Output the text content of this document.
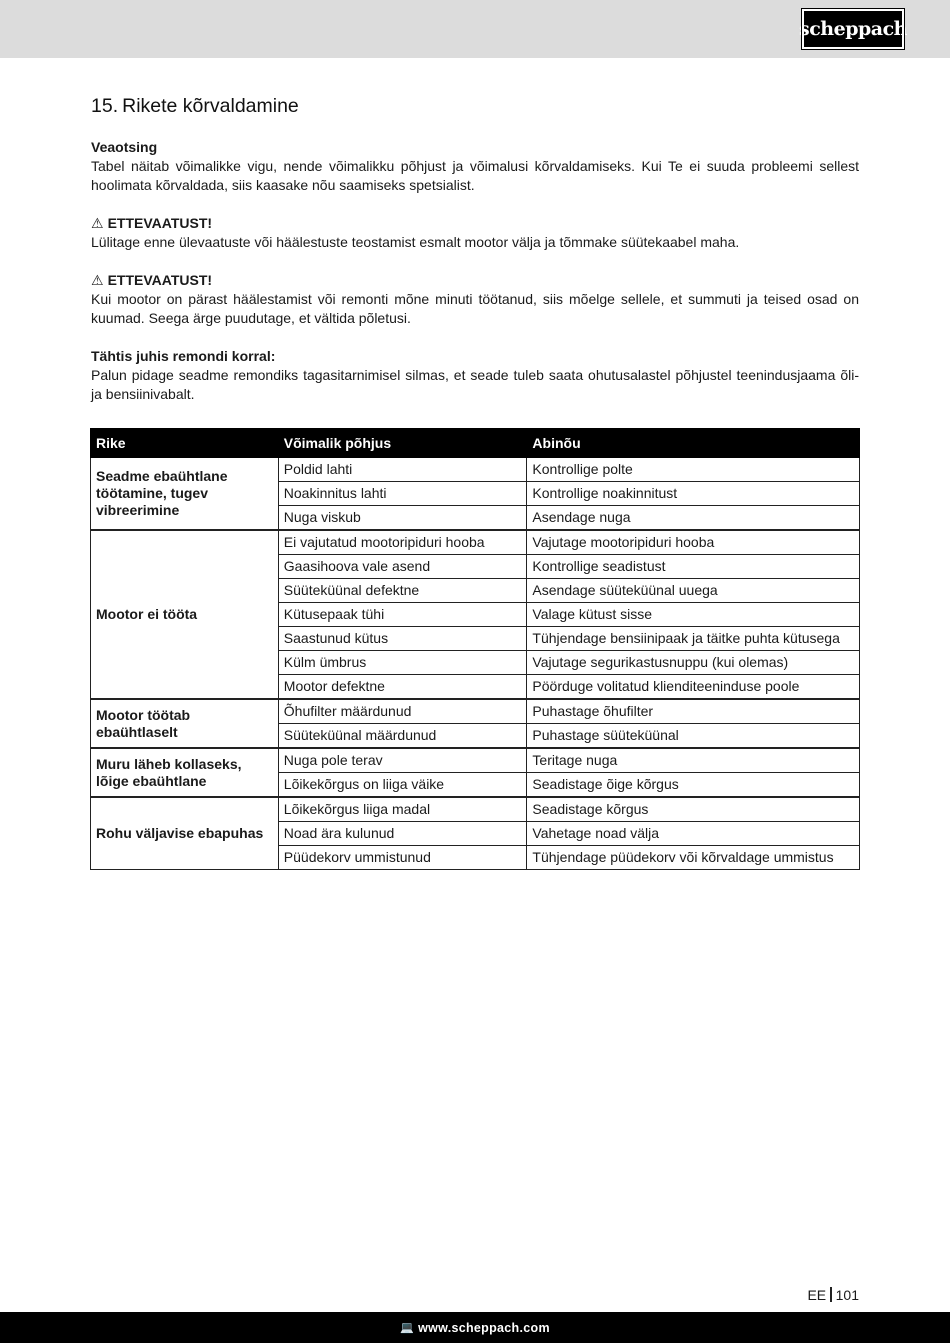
scheppach
15. Rikete kõrvaldamine

Veaotsing

Tabel näitab võimalikke vigu, nende võimalikku põhjust ja võimalusi kõrvaldamiseks. Kui Te ei suuda probleemi sellest hoolimata kõrvaldada, siis kaasake nõu saamiseks spetsialist.

⚠ ETTEVAATUST!

Lülitage enne ülevaatuste või häälestuste teostamist esmalt mootor välja ja tõmmake süütekaabel maha.

⚠ ETTEVAATUST!

Kui mootor on pärast häälestamist või remonti mõne minuti töötanud, siis mõelge sellele, et summuti ja teised osad on kuumad. Seega ärge puudutage, et vältida põletusi.

Tähtis juhis remondi korral:

Palun pidage seadme remondiks tagasitarnimisel silmas, et seade tuleb saata ohutusalastel põhjustel teenindusjaama õli- ja bensiinivabalt.

Rike	Võimalik põhjus	Abinõu
Seadme ebaühtlane töötamine, tugev vibreerimine	Poldid lahti	Kontrollige polte
	Noakinnitus lahti	Kontrollige noakinnitust
	Nuga viskub	Asendage nuga
Mootor ei tööta	Ei vajutatud mootoripiduri hooba	Vajutage mootoripiduri hooba
	Gaasihoova vale asend	Kontrollige seadistust
	Süüteküünal defektne	Asendage süüteküünal uuega
	Kütusepaak tühi	Valage kütust sisse
	Saastunud kütus	Tühjendage bensiinipaak ja täitke puhta kütusega
	Külm ümbrus	Vajutage segurikastusnuppu (kui olemas)
	Mootor defektne	Pöörduge volitatud klienditeeninduse poole
Mootor töötab ebaühtlaselt	Õhufilter määrdunud	Puhastage õhufilter
	Süüteküünal määrdunud	Puhastage süüteküünal
Muru läheb kollaseks, lõige ebaühtlane	Nuga pole terav	Teritage nuga
	Lõikekõrgus on liiga väike	Seadistage õige kõrgus
Rohu väljavise ebapuhas	Lõikekõrgus liiga madal	Seadistage kõrgus
	Noad ära kulunud	Vahetage noad välja
	Püüdekorv ummistunud	Tühjendage püüdekorv või kõrvaldage ummistus
EE 101
💻 www.scheppach.com
